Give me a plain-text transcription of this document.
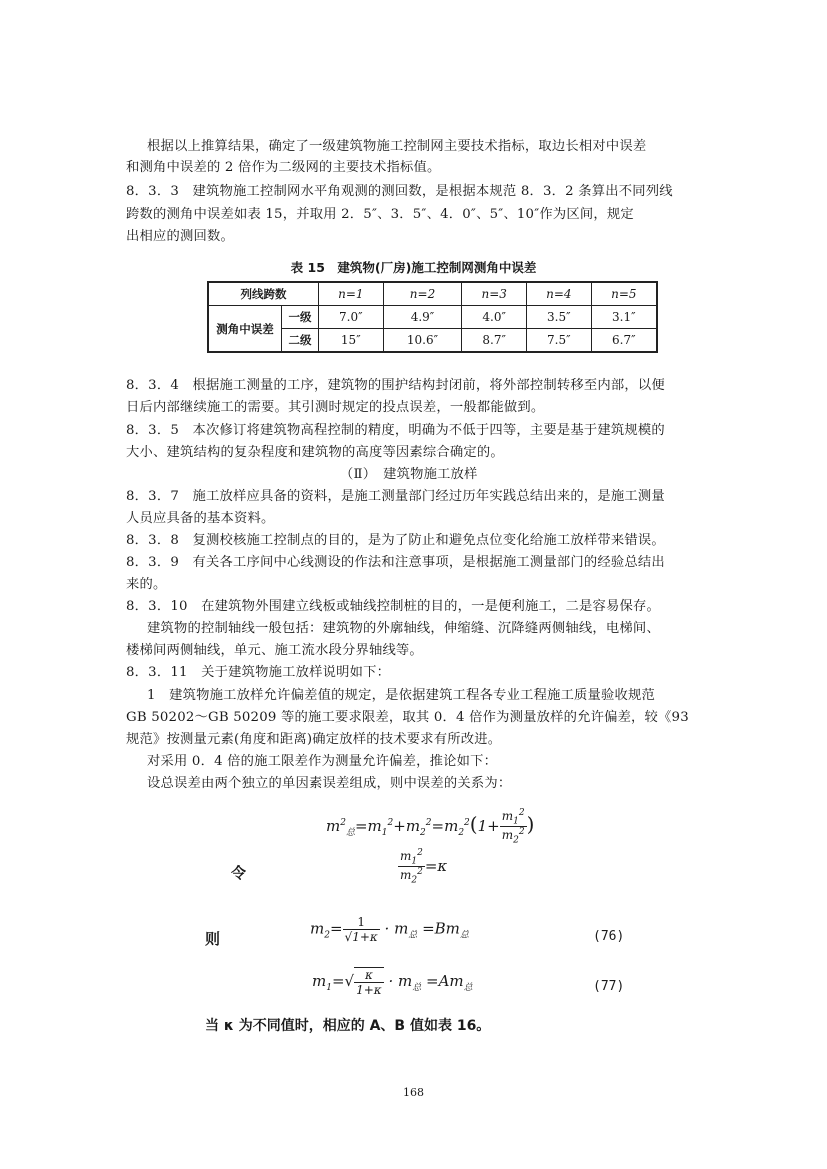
根据以上推算结果，确定了一级建筑物施工控制网主要技术指标，取边长相对中误差
和测角中误差的 2 倍作为二级网的主要技术指标值。
8．3．3　建筑物施工控制网水平角观测的测回数，是根据本规范 8．3．2 条算出不同列线
跨数的测角中误差如表 15，并取用 2．5″、3．5″、4．0″、5″、10″作为区间，规定
出相应的测回数。
表 15　建筑物(厂房)施工控制网测角中误差
列线跨数		n=1	n=2	n=3	n=4	n=5
测角中误差	一级	7.0″	4.9″	4.0″	3.5″	3.1″
	二级	15″	10.6″	8.7″	7.5″	6.7″
8．3．4　根据施工测量的工序，建筑物的围护结构封闭前，将外部控制转移至内部，以便
日后内部继续施工的需要。其引测时规定的投点误差，一般都能做到。
8．3．5　本次修订将建筑物高程控制的精度，明确为不低于四等，主要是基于建筑规模的
大小、建筑结构的复杂程度和建筑物的高度等因素综合确定的。
（Ⅱ）　建筑物施工放样
8．3．7　施工放样应具备的资料，是施工测量部门经过历年实践总结出来的，是施工测量
人员应具备的基本资料。
8．3．8　复测校核施工控制点的目的，是为了防止和避免点位变化给施工放样带来错误。
8．3．9　有关各工序间中心线测设的作法和注意事项，是根据施工测量部门的经验总结出
来的。
8．3．10　在建筑物外围建立线板或轴线控制桩的目的，一是便利施工，二是容易保存。
建筑物的控制轴线一般包括：建筑物的外廓轴线，伸缩缝、沉降缝两侧轴线，电梯间、
楼梯间两侧轴线，单元、施工流水段分界轴线等。
8．3．11　关于建筑物施工放样说明如下：
1　建筑物施工放样允许偏差值的规定，是依据建筑工程各专业工程施工质量验收规范
GB 50202～GB 50209 等的施工要求限差，取其 0．4 倍作为测量放样的允许偏差，较《93
规范》按测量元素(角度和距离)确定放样的技术要求有所改进。
对采用 0．4 倍的施工限差作为测量允许偏差，推论如下：
设总误差由两个独立的单因素误差组成，则中误差的关系为：
$m^2_总=m_1^2+m_2^2=m_2^2(1+ \frac{m_1^2}{m_2^2}$ )
令	$\frac{m_1^2}{m_2^2} =\kappa$
则
$m_2= \frac{1}{√1+\kappa} \cdot m_总 =Bm_总$	(76)
$m_1=√ \frac{\kappa}{1+\kappa} \cdot m_总 =Am_总$	(77)
当 κ 为不同值时，相应的 A、B 值如表 16。
168
